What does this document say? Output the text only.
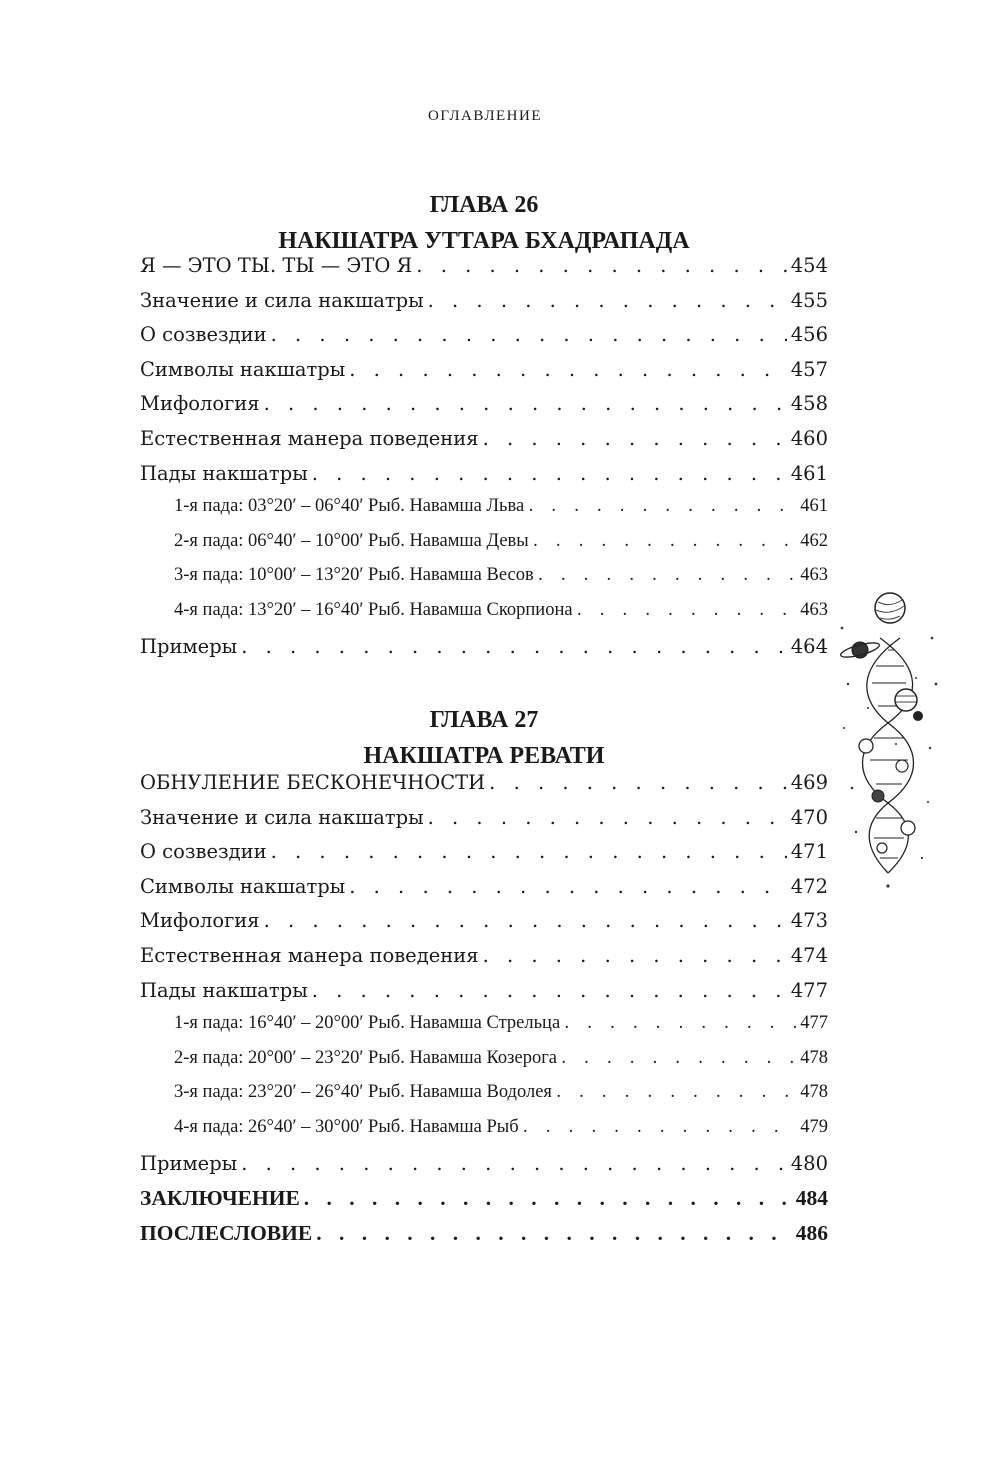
ОГЛАВЛЕНИЕ
ГЛАВА 26
НАКШАТРА УТТАРА БХАДРАПАДА
Я — ЭТО ТЫ. ТЫ — ЭТО Я . . .	454
Значение и сила накшатры . . .	455
О созвездии . . .	456
Символы накшатры . . .	457
Мифология . . .	458
Естественная манера поведения . . .	460
Пады накшатры . . .	461
1-я пада: 03°20′ – 06°40′ Рыб. Навамша Льва . . .	461
2-я пада: 06°40′ – 10°00′ Рыб. Навамша Девы . . .	462
3-я пада: 10°00′ – 13°20′ Рыб. Навамша Весов . . .	463
4-я пада: 13°20′ – 16°40′ Рыб. Навамша Скорпиона . . .	463
Примеры . . .	464
ГЛАВА 27
НАКШАТРА РЕВАТИ
ОБНУЛЕНИЕ БЕСКОНЕЧНОСТИ . . .	469
Значение и сила накшатры . . .	470
О созвездии . . .	471
Символы накшатры . . .	472
Мифология . . .	473
Естественная манера поведения . . .	474
Пады накшатры . . .	477
1-я пада: 16°40′ – 20°00′ Рыб. Навамша Стрельца . . .	477
2-я пада: 20°00′ – 23°20′ Рыб. Навамша Козерога . . .	478
3-я пада: 23°20′ – 26°40′ Рыб. Навамша Водолея . . .	478
4-я пада: 26°40′ – 30°00′ Рыб. Навамша Рыб . . .	479
Примеры . . .	480
ЗАКЛЮЧЕНИЕ . . .	484
ПОСЛЕСЛОВИЕ . . .	486
